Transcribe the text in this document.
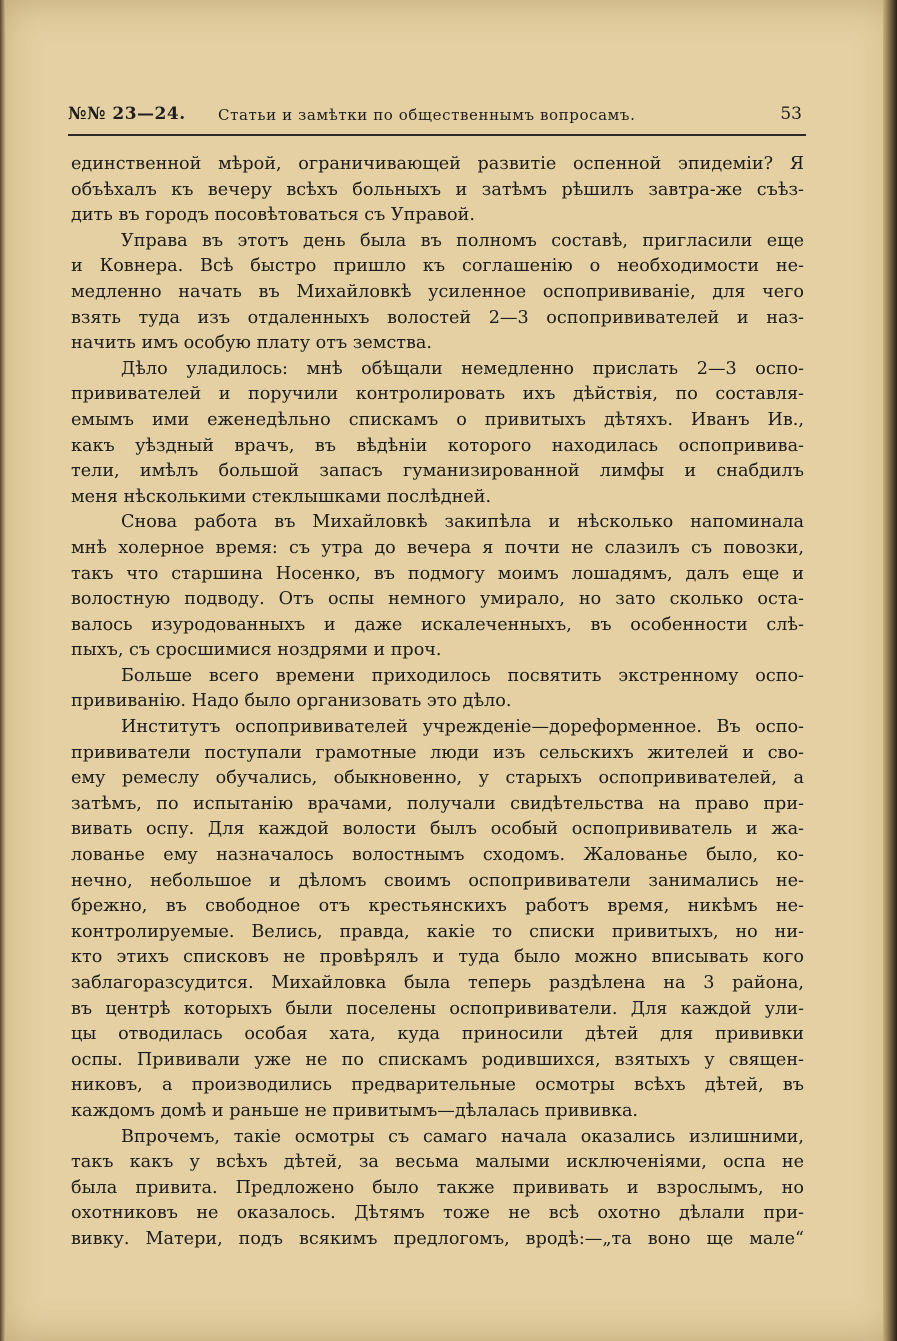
№№ 23—24. Статьи и замѣтки по общественнымъ вопросамъ.	53
единственной мѣрой, ограничивающей развитіе оспенной эпидеміи? Я
объѣхалъ къ вечеру всѣхъ больныхъ и затѣмъ рѣшилъ завтра-же съѣз-
дить въ городъ посовѣтоваться съ Управой.
Управа въ этотъ день была въ полномъ составѣ, пригласили еще
и Ковнера. Всѣ быстро пришло къ соглашенію о необходимости не-
медленно начать въ Михайловкѣ усиленное оспопрививаніе, для чего
взять туда изъ отдаленныхъ волостей 2—3 оспопрививателей и наз-
начить имъ особую плату отъ земства.
Дѣло уладилось: мнѣ обѣщали немедленно прислать 2—3 оспо-
прививателей и поручили контролировать ихъ дѣйствія, по составля-
емымъ ими еженедѣльно спискамъ о привитыхъ дѣтяхъ. Иванъ Ив.,
какъ уѣздный врачъ, въ вѣдѣніи которого находилась оспопривива-
тели, имѣлъ большой запасъ гуманизированной лимфы и снабдилъ
меня нѣсколькими стеклышками послѣдней.
Снова работа въ Михайловкѣ закипѣла и нѣсколько напоминала
мнѣ холерное время: съ утра до вечера я почти не слазилъ съ повозки,
такъ что старшина Носенко, въ подмогу моимъ лошадямъ, далъ еще и
волостную подводу. Отъ оспы немного умирало, но зато сколько оста-
валось изуродованныхъ и даже искалеченныхъ, въ особенности слѣ-
пыхъ, съ сросшимися ноздрями и проч.
Больше всего времени приходилось посвятить экстренному оспо-
прививанію. Надо было организовать это дѣло.
Институтъ оспопрививателей учрежденіе—дореформенное. Въ оспо-
прививатели поступали грамотные люди изъ сельскихъ жителей и сво-
ему ремеслу обучались, обыкновенно, у старыхъ оспопрививателей, а
затѣмъ, по испытанію врачами, получали свидѣтельства на право при-
вивать оспу. Для каждой волости былъ особый оспопрививатель и жа-
лованье ему назначалось волостнымъ сходомъ. Жалованье было, ко-
нечно, небольшое и дѣломъ своимъ оспопрививатели занимались не-
брежно, въ свободное отъ крестьянскихъ работъ время, никѣмъ не-
контролируемые. Велись, правда, какіе то списки привитыхъ, но ни-
кто этихъ списковъ не провѣрялъ и туда было можно вписывать кого
заблагоразсудится. Михайловка была теперь раздѣлена на 3 района,
въ центрѣ которыхъ были поселены оспопрививатели. Для каждой ули-
цы отводилась особая хата, куда приносили дѣтей для прививки
оспы. Прививали уже не по спискамъ родившихся, взятыхъ у священ-
никовъ, а производились предварительные осмотры всѣхъ дѣтей, въ
каждомъ домѣ и раньше не привитымъ—дѣлалась прививка.
Впрочемъ, такіе осмотры съ самаго начала оказались излишними,
такъ какъ у всѣхъ дѣтей, за весьма малыми исключеніями, оспа не
была привита. Предложено было также прививать и взрослымъ, но
охотниковъ не оказалось. Дѣтямъ тоже не всѣ охотно дѣлали при-
вивку. Матери, подъ всякимъ предлогомъ, вродѣ:—„та воно ще мале“
